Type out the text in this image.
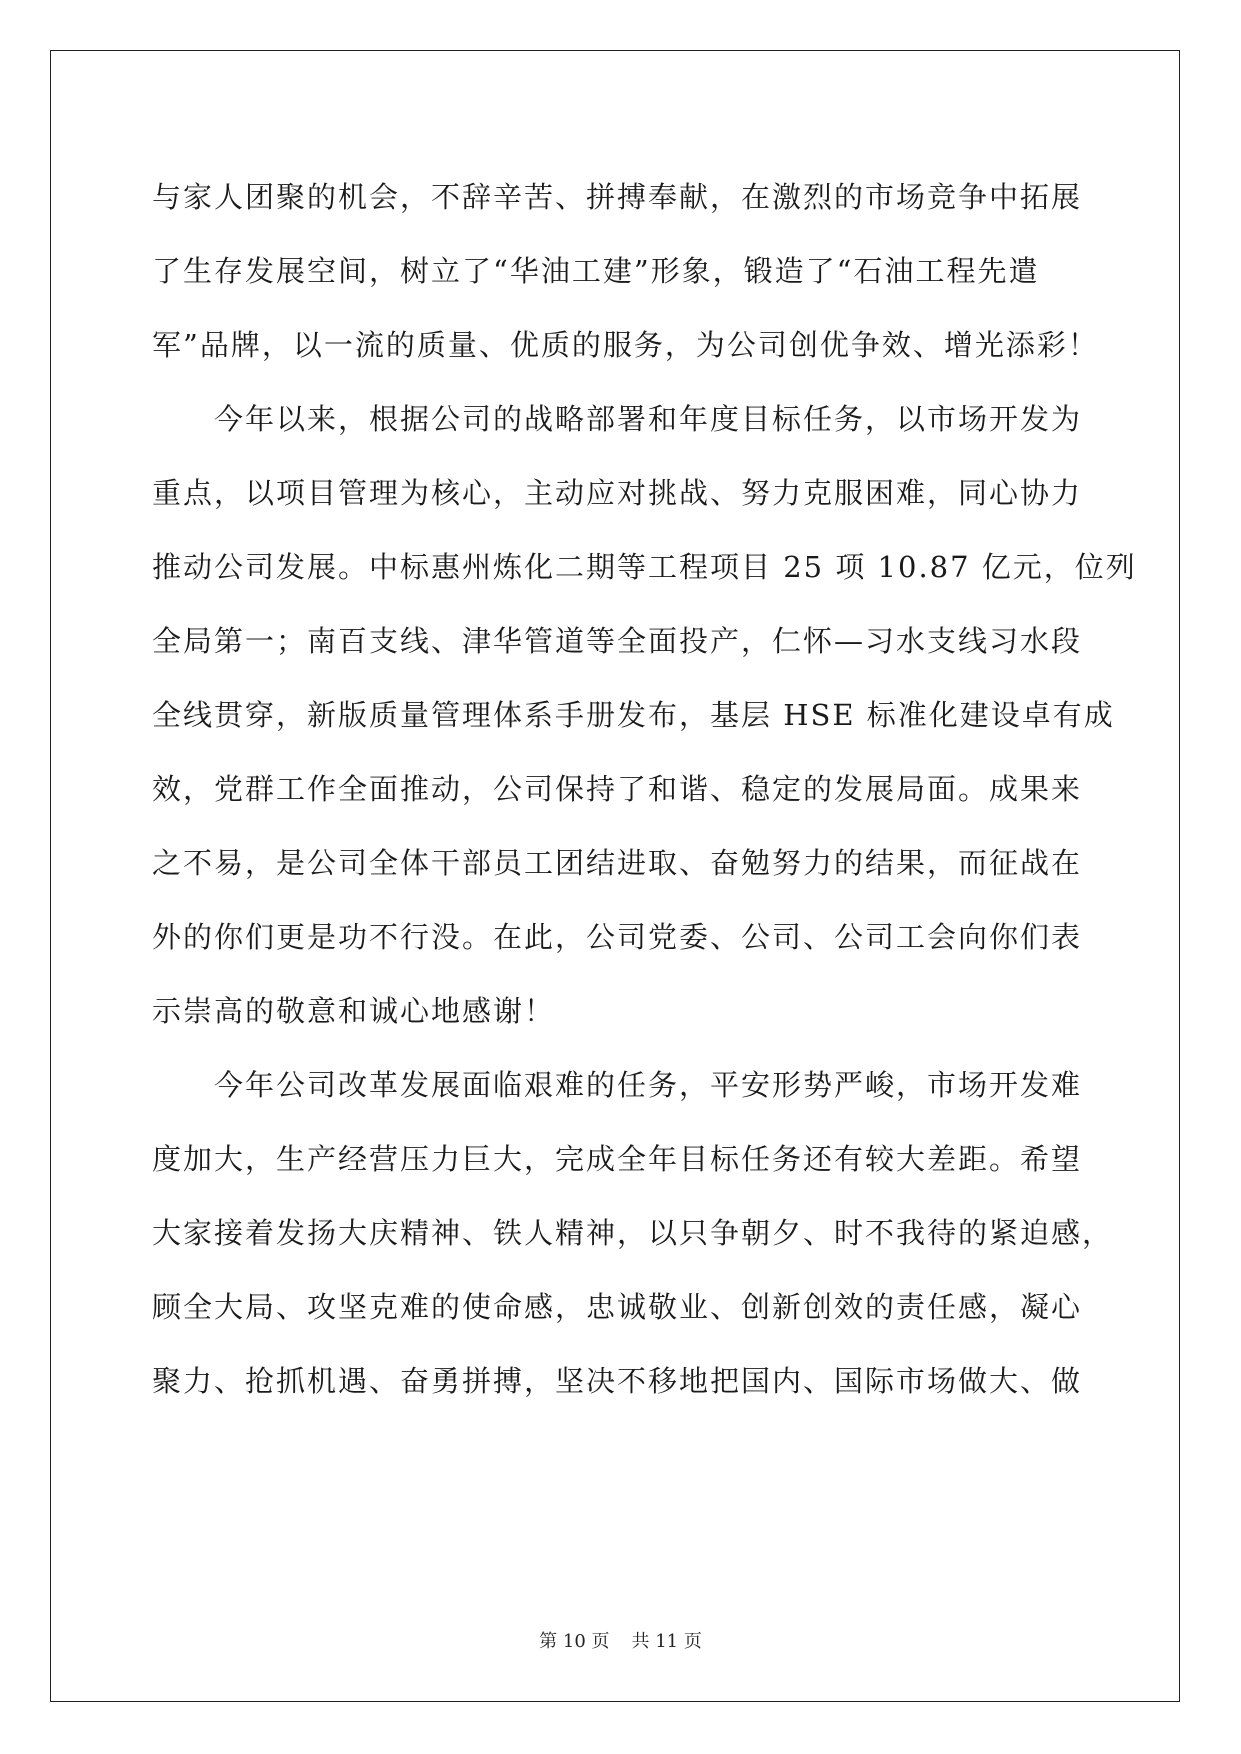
与家人团聚的机会，不辞辛苦、拼搏奉献，在激烈的市场竞争中拓展
了生存发展空间，树立了“华油工建”形象，锻造了“石油工程先遣
军”品牌，以一流的质量、优质的服务，为公司创优争效、增光添彩！
今年以来，根据公司的战略部署和年度目标任务，以市场开发为
重点，以项目管理为核心，主动应对挑战、努力克服困难，同心协力
推动公司发展。中标惠州炼化二期等工程项目 25 项 10.87 亿元，位列
全局第一；南百支线、津华管道等全面投产，仁怀—习水支线习水段
全线贯穿，新版质量管理体系手册发布，基层 HSE 标准化建设卓有成
效，党群工作全面推动，公司保持了和谐、稳定的发展局面。成果来
之不易，是公司全体干部员工团结进取、奋勉努力的结果，而征战在
外的你们更是功不行没。在此，公司党委、公司、公司工会向你们表
示崇高的敬意和诚心地感谢！
今年公司改革发展面临艰难的任务，平安形势严峻，市场开发难
度加大，生产经营压力巨大，完成全年目标任务还有较大差距。希望
大家接着发扬大庆精神、铁人精神，以只争朝夕、时不我待的紧迫感，
顾全大局、攻坚克难的使命感，忠诚敬业、创新创效的责任感，凝心
聚力、抢抓机遇、奋勇拼搏，坚决不移地把国内、国际市场做大、做
第 10 页 共 11 页
